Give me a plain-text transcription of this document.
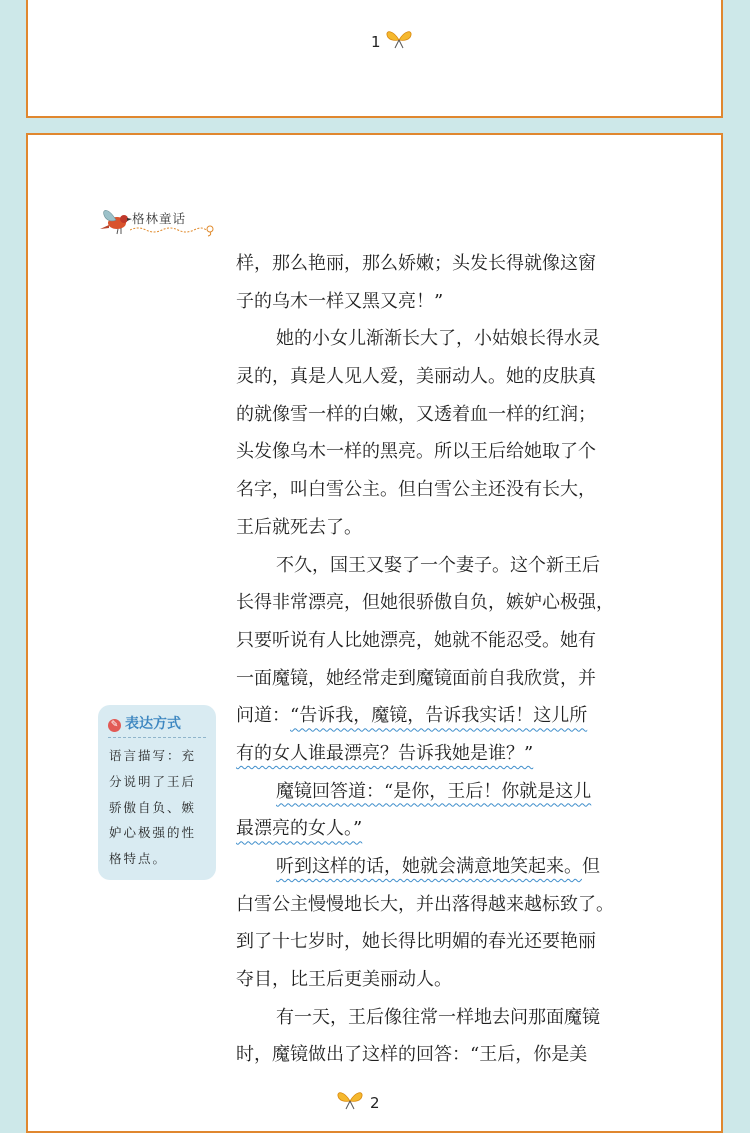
1
格林童话
样，那么艳丽，那么娇嫩；头发长得就像这窗
子的乌木一样又黑又亮！”
她的小女儿渐渐长大了，小姑娘长得水灵
灵的，真是人见人爱，美丽动人。她的皮肤真
的就像雪一样的白嫩，又透着血一样的红润；
头发像乌木一样的黑亮。所以王后给她取了个
名字，叫白雪公主。但白雪公主还没有长大，
王后就死去了。
不久，国王又娶了一个妻子。这个新王后
长得非常漂亮，但她很骄傲自负，嫉妒心极强，
只要听说有人比她漂亮，她就不能忍受。她有
一面魔镜，她经常走到魔镜面前自我欣赏，并
问道：“告诉我，魔镜，告诉我实话！这儿所
有的女人谁最漂亮？告诉我她是谁？”
魔镜回答道：“是你，王后！你就是这儿
最漂亮的女人。”
听到这样的话，她就会满意地笑起来。但
白雪公主慢慢地长大，并出落得越来越标致了。
到了十七岁时，她长得比明媚的春光还要艳丽
夺目，比王后更美丽动人。
有一天，王后像往常一样地去问那面魔镜
时，魔镜做出了这样的回答：“王后，你是美
✎ 表达方式
语言描写：充
分说明了王后
骄傲自负、嫉
妒心极强的性
格特点。
2
